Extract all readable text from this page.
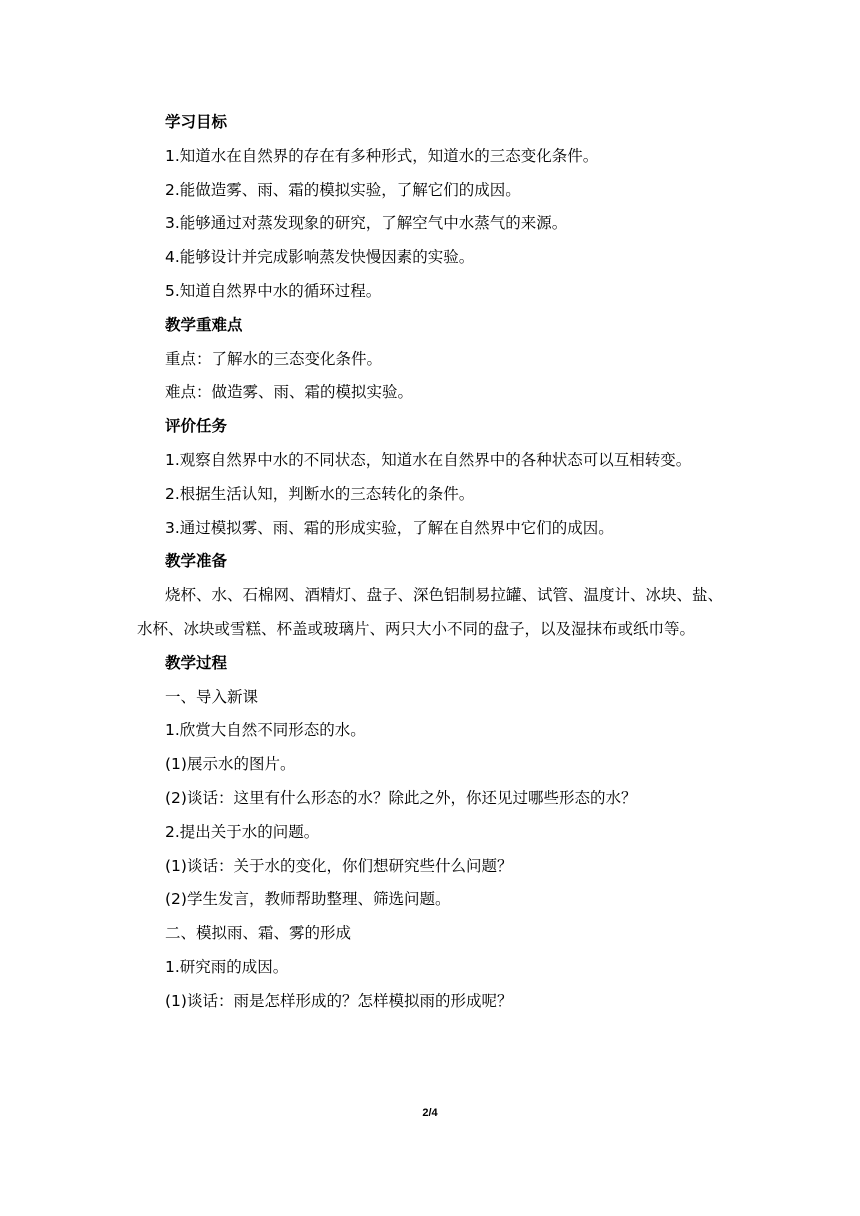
学习目标
1.知道水在自然界的存在有多种形式，知道水的三态变化条件。
2.能做造雾、雨、霜的模拟实验，了解它们的成因。
3.能够通过对蒸发现象的研究，了解空气中水蒸气的来源。
4.能够设计并完成影响蒸发快慢因素的实验。
5.知道自然界中水的循环过程。
教学重难点
重点：了解水的三态变化条件。
难点：做造雾、雨、霜的模拟实验。
评价任务
1.观察自然界中水的不同状态，知道水在自然界中的各种状态可以互相转变。
2.根据生活认知，判断水的三态转化的条件。
3.通过模拟雾、雨、霜的形成实验，了解在自然界中它们的成因。
教学准备
烧杯、水、石棉网、酒精灯、盘子、深色铝制易拉罐、试管、温度计、冰块、盐、水杯、冰块或雪糕、杯盖或玻璃片、两只大小不同的盘子，以及湿抹布或纸巾等。
教学过程
一、导入新课
1.欣赏大自然不同形态的水。
(1)展示水的图片。
(2)谈话：这里有什么形态的水？除此之外，你还见过哪些形态的水？
2.提出关于水的问题。
(1)谈话：关于水的变化，你们想研究些什么问题？
(2)学生发言，教师帮助整理、筛选问题。
二、模拟雨、霜、雾的形成
1.研究雨的成因。
(1)谈话：雨是怎样形成的？怎样模拟雨的形成呢？
2/4
